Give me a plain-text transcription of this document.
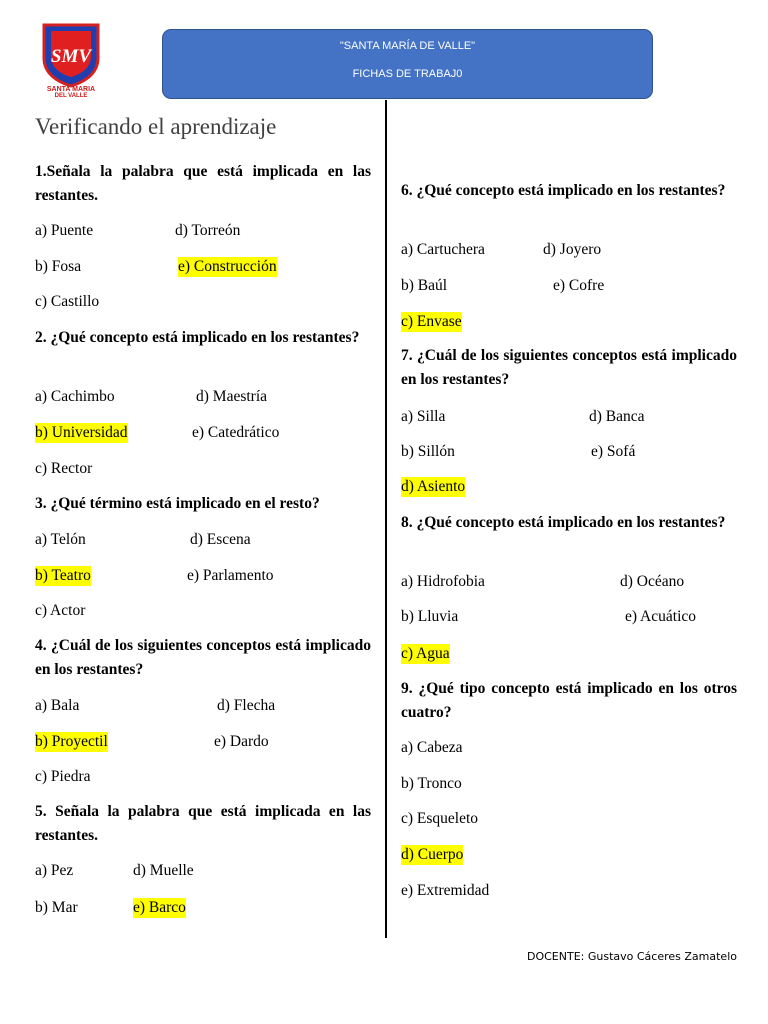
SMV
SANTA MARIA
DEL VALLE
"SANTA MARÍA DE VALLE"
FICHAS DE TRABAJ0
Verificando el aprendizaje

1.Señala la palabra que está implicada en las restantes.

a) Puente	d) Torreón
b) Fosa	e) Construcción
c) Castillo

2. ¿Qué concepto está implicado en los restantes?

a) Cachimbo	d) Maestría
b) Universidad	e) Catedrático
c) Rector

3. ¿Qué término está implicado en el resto?

a) Telón	d) Escena
b) Teatro	e) Parlamento
c) Actor

4. ¿Cuál de los siguientes conceptos está implicado en los restantes?

a) Bala	d) Flecha
b) Proyectil	e) Dardo
c) Piedra

5. Señala la palabra que está implicada en las restantes.

a) Pez	d) Muelle
b) Mar	e) Barco

6. ¿Qué concepto está implicado en los restantes?

a) Cartuchera	d) Joyero
b) Baúl	e) Cofre
c) Envase

7. ¿Cuál de los siguientes conceptos está implicado en los restantes?

a) Silla	d) Banca
b) Sillón	e) Sofá
d) Asiento

8. ¿Qué concepto está implicado en los restantes?

a) Hidrofobia	d) Océano
b) Lluvia	e) Acuático
c) Agua

9. ¿Qué tipo concepto está implicado en los otros cuatro?

a) Cabeza
b) Tronco
c) Esqueleto
d) Cuerpo
e) Extremidad
DOCENTE: Gustavo Cáceres Zamatelo
